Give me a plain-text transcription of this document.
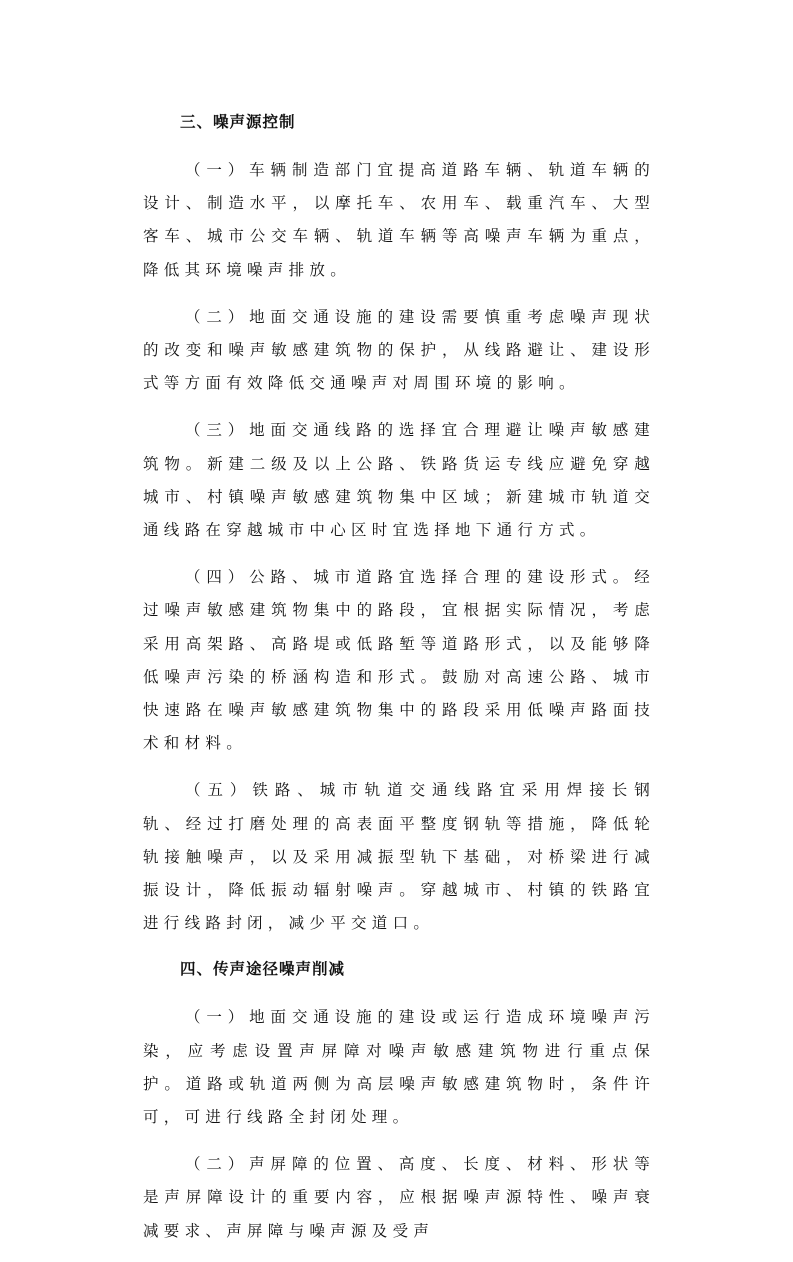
三、噪声源控制

（一）车辆制造部门宜提高道路车辆、轨道车辆的设计、制造水平，以摩托车、农用车、载重汽车、大型客车、城市公交车辆、轨道车辆等高噪声车辆为重点，降低其环境噪声排放。

（二）地面交通设施的建设需要慎重考虑噪声现状的改变和噪声敏感建筑物的保护，从线路避让、建设形式等方面有效降低交通噪声对周围环境的影响。

（三）地面交通线路的选择宜合理避让噪声敏感建筑物。新建二级及以上公路、铁路货运专线应避免穿越城市、村镇噪声敏感建筑物集中区域；新建城市轨道交通线路在穿越城市中心区时宜选择地下通行方式。

（四）公路、城市道路宜选择合理的建设形式。经过噪声敏感建筑物集中的路段，宜根据实际情况，考虑采用高架路、高路堤或低路堑等道路形式，以及能够降低噪声污染的桥涵构造和形式。鼓励对高速公路、城市快速路在噪声敏感建筑物集中的路段采用低噪声路面技术和材料。

（五）铁路、城市轨道交通线路宜采用焊接长钢轨、经过打磨处理的高表面平整度钢轨等措施，降低轮轨接触噪声，以及采用减振型轨下基础，对桥梁进行减振设计，降低振动辐射噪声。穿越城市、村镇的铁路宜进行线路封闭，减少平交道口。

四、传声途径噪声削减

（一）地面交通设施的建设或运行造成环境噪声污染，应考虑设置声屏障对噪声敏感建筑物进行重点保护。道路或轨道两侧为高层噪声敏感建筑物时，条件许可，可进行线路全封闭处理。

（二）声屏障的位置、高度、长度、材料、形状等是声屏障设计的重要内容，应根据噪声源特性、噪声衰减要求、声屏障与噪声源及受声
